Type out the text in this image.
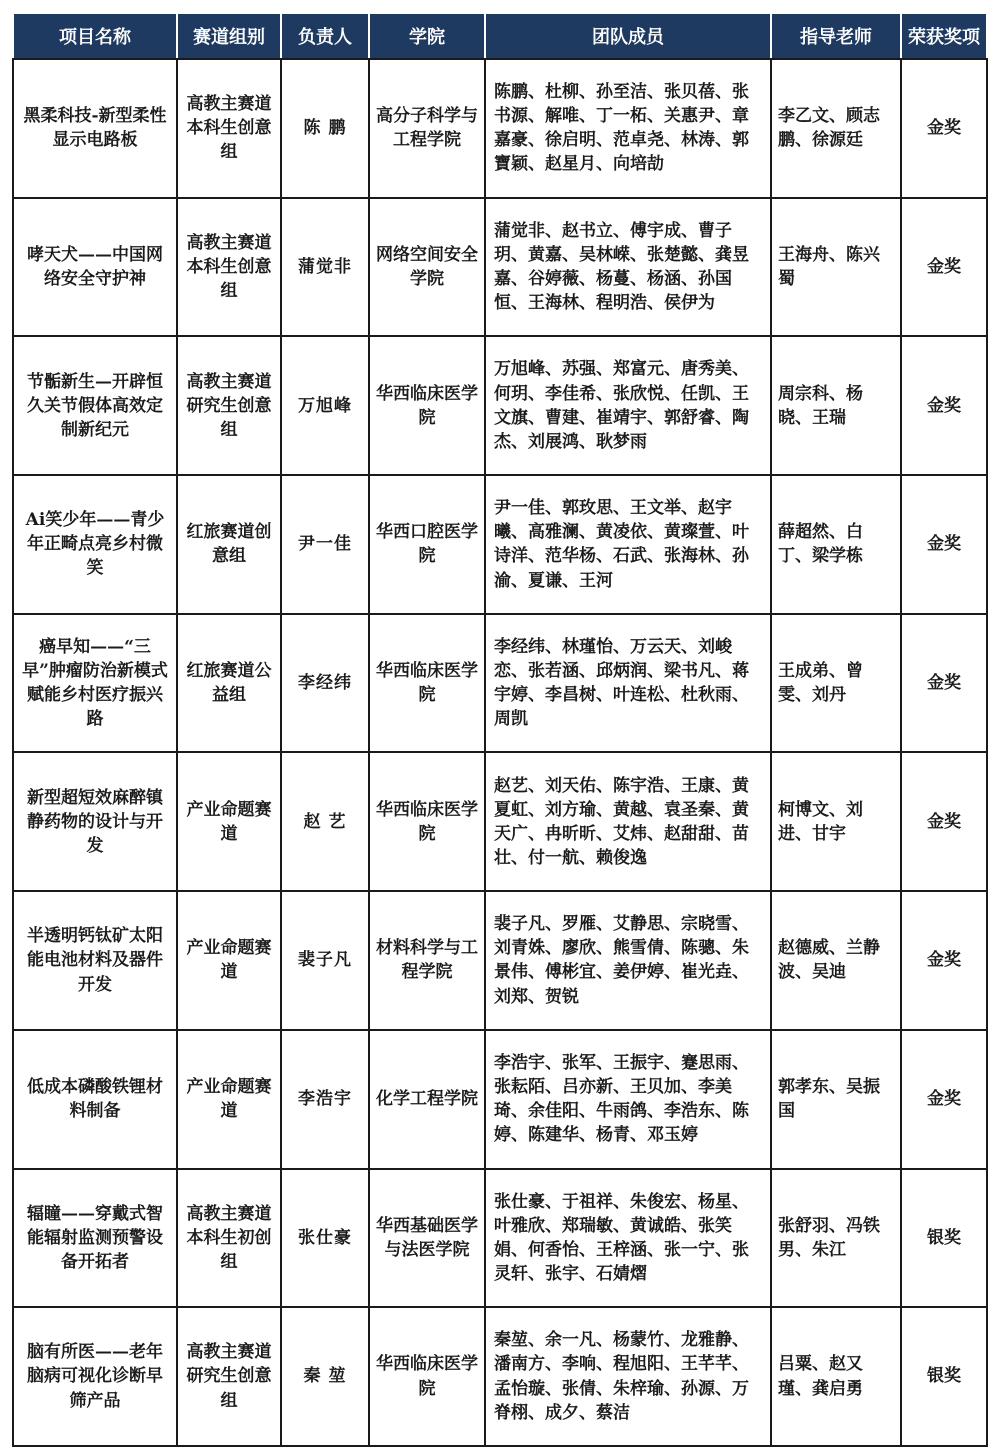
项目名称	赛道组别	负责人	学院	团队成员	指导老师	荣获奖项
黑柔科技-新型柔性显示电路板	高教主赛道本科生创意组	陈 鹏	高分子科学与工程学院	陈鹏、杜柳、孙至洁、张贝蓓、张书源、解唯、丁一柘、关惠尹、章嘉豪、徐启明、范卓尧、林涛、郭寶颖、赵星月、向培劼	李乙文、顾志鹏、徐源廷	金奖
哮天犬——中国网络安全守护神	高教主赛道本科生创意组	蒲觉非	网络空间安全学院	蒲觉非、赵书立、傅宇成、曹子玥、黄嘉、吴林嵘、张楚懿、龚昱嘉、谷婷薇、杨蔓、杨涵、孙国恒、王海林、程明浩、侯伊为	王海舟、陈兴蜀	金奖
节骺新生—开辟恒久关节假体高效定制新纪元	高教主赛道研究生创意组	万旭峰	华西临床医学院	万旭峰、苏强、郑富元、唐秀美、何玥、李佳希、张欣悦、任凯、王文旗、曹建、崔靖宇、郭舒睿、陶杰、刘展鸿、耿梦雨	周宗科、杨晓、王瑞	金奖
Ai笑少年——青少年正畸点亮乡村微笑	红旅赛道创意组	尹一佳	华西口腔医学院	尹一佳、郭玫思、王文举、赵宇曦、高雅澜、黄凌依、黄璨萱、叶诗洋、范华杨、石武、张海林、孙渝、夏谦、王河	薛超然、白丁、梁学栋	金奖
癌早知——“三早”肿瘤防治新模式 赋能乡村医疗振兴路	红旅赛道公益组	李经纬	华西临床医学院	李经纬、林瑾怡、万云天、刘峻恋、张若涵、邱炳润、梁书凡、蒋宇婷、李昌树、叶连松、杜秋雨、周凯	王成弟、曾雯、刘丹	金奖
新型超短效麻醉镇静药物的设计与开发	产业命题赛道	赵 艺	华西临床医学院	赵艺、刘天佑、陈宇浩、王康、黄夏虹、刘方瑜、黄越、袁圣秦、黄天广、冉昕昕、艾炜、赵甜甜、苗壮、付一航、赖俊逸	柯博文、刘进、甘宇	金奖
半透明钙钛矿太阳能电池材料及器件开发	产业命题赛道	裴子凡	材料科学与工程学院	裴子凡、罗雁、艾静思、宗晓雪、刘青姝、廖欣、熊雪倩、陈骢、朱景伟、傅彬宜、姜伊婷、崔光垚、刘郑、贺锐	赵德威、兰静波、吴迪	金奖
低成本磷酸铁锂材料制备	产业命题赛道	李浩宇	化学工程学院	李浩宇、张军、王振宇、蹇思雨、张耘陌、吕亦新、王贝加、李美琦、余佳阳、牛雨鸽、李浩东、陈婷、陈建华、杨青、邓玉婷	郭孝东、吴振国	金奖
辐瞳——穿戴式智能辐射监测预警设备开拓者	高教主赛道本科生初创组	张仕豪	华西基础医学与法医学院	张仕豪、于祖祥、朱俊宏、杨星、叶雅欣、郑瑞敏、黄诚皓、张笑娟、何香怡、王梓涵、张一宁、张灵轩、张宇、石婧熠	张舒羽、冯铁男、朱江	银奖
脑有所医——老年脑病可视化诊断早筛产品	高教主赛道研究生创意组	秦 堃	华西临床医学院	秦堃、余一凡、杨蒙竹、龙雅静、潘南方、李响、程旭阳、王芊芊、孟怡璇、张倩、朱梓瑜、孙源、万脊栩、成夕、蔡洁	吕粟、赵又瑾、龚启勇	银奖
